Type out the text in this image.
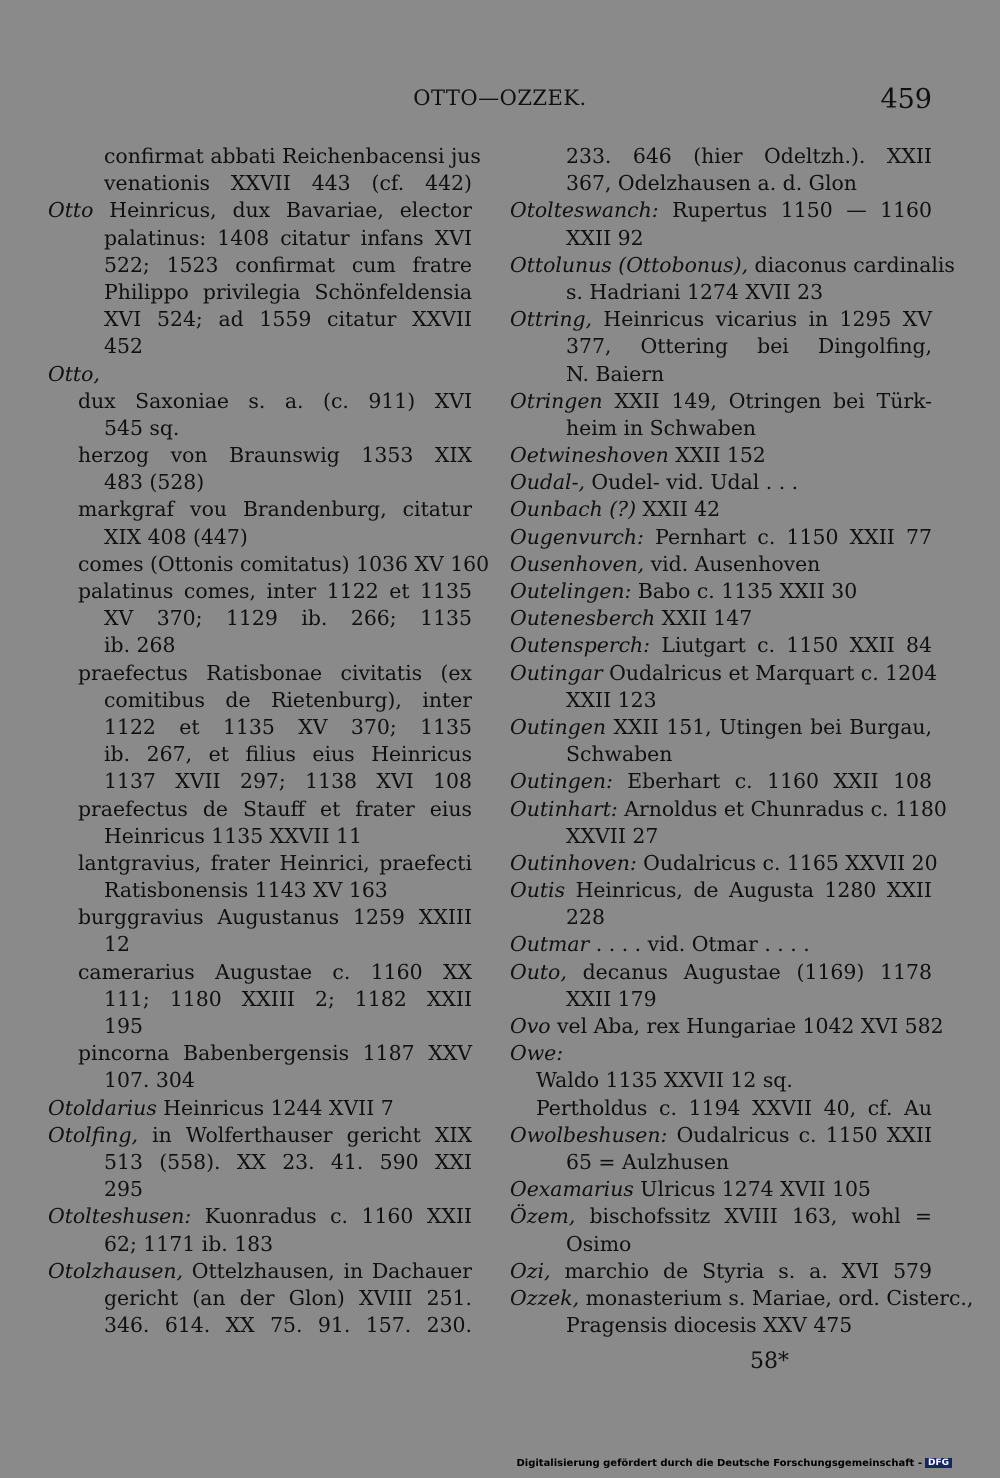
OTTO—OZZEK.	459
confirmat abbati Reichenbacensi jus
venationis XXVII 443 (cf. 442)
Otto Heinricus, dux Bavariae, elector
palatinus: 1408 citatur infans XVI
522; 1523 confirmat cum fratre
Philippo privilegia Schönfeldensia
XVI 524; ad 1559 citatur XXVII
452
Otto,
dux Saxoniae s. a. (c. 911) XVI
545 sq.
herzog von Braunswig 1353 XIX
483 (528)
markgraf vou Brandenburg, citatur
XIX 408 (447)
comes (Ottonis comitatus) 1036 XV 160
palatinus comes, inter 1122 et 1135
XV 370; 1129 ib. 266; 1135
ib. 268
praefectus Ratisbonae civitatis (ex
comitibus de Rietenburg), inter
1122 et 1135 XV 370; 1135
ib. 267, et filius eius Heinricus
1137 XVII 297; 1138 XVI 108
praefectus de Stauff et frater eius
Heinricus 1135 XXVII 11
lantgravius, frater Heinrici, praefecti
Ratisbonensis 1143 XV 163
burggravius Augustanus 1259 XXIII
12
camerarius Augustae c. 1160 XX
111; 1180 XXIII 2; 1182 XXII
195
pincorna Babenbergensis 1187 XXV
107. 304
Otoldarius Heinricus 1244 XVII 7
Otolfing, in Wolferthauser gericht XIX
513 (558). XX 23. 41. 590 XXI
295
Otolteshusen: Kuonradus c. 1160 XXII
62; 1171 ib. 183
Otolzhausen, Ottelzhausen, in Dachauer
gericht (an der Glon) XVIII 251.
346. 614. XX 75. 91. 157. 230.
233. 646 (hier Odeltzh.). XXII
367, Odelzhausen a. d. Glon
Otolteswanch: Rupertus 1150 — 1160
XXII 92
Ottolunus (Ottobonus), diaconus cardinalis
s. Hadriani 1274 XVII 23
Ottring, Heinricus vicarius in 1295 XV
377, Ottering bei Dingolfing,
N. Baiern
Otringen XXII 149, Otringen bei Türk-
heim in Schwaben
Oetwineshoven XXII 152
Oudal-, Oudel- vid. Udal . . .
Ounbach (?) XXII 42
Ougenvurch: Pernhart c. 1150 XXII 77
Ousenhoven, vid. Ausenhoven
Outelingen: Babo c. 1135 XXII 30
Outenesberch XXII 147
Outensperch: Liutgart c. 1150 XXII 84
Outingar Oudalricus et Marquart c. 1204
XXII 123
Outingen XXII 151, Utingen bei Burgau,
Schwaben
Outingen: Eberhart c. 1160 XXII 108
Outinhart: Arnoldus et Chunradus c. 1180
XXVII 27
Outinhoven: Oudalricus c. 1165 XXVII 20
Outis Heinricus, de Augusta 1280 XXII
228
Outmar . . . . vid. Otmar . . . .
Outo, decanus Augustae (1169) 1178
XXII 179
Ovo vel Aba, rex Hungariae 1042 XVI 582
Owe:
Waldo 1135 XXVII 12 sq.
Pertholdus c. 1194 XXVII 40, cf. Au
Owolbeshusen: Oudalricus c. 1150 XXII
65 = Aulzhusen
Oexamarius Ulricus 1274 XVII 105
Özem, bischofssitz XVIII 163, wohl =
Osimo
Ozi, marchio de Styria s. a. XVI 579
Ozzek, monasterium s. Mariae, ord. Cisterc.,
Pragensis diocesis XXV 475
58*
Digitalisierung gefördert durch die Deutsche Forschungsgemeinschaft - DFG
